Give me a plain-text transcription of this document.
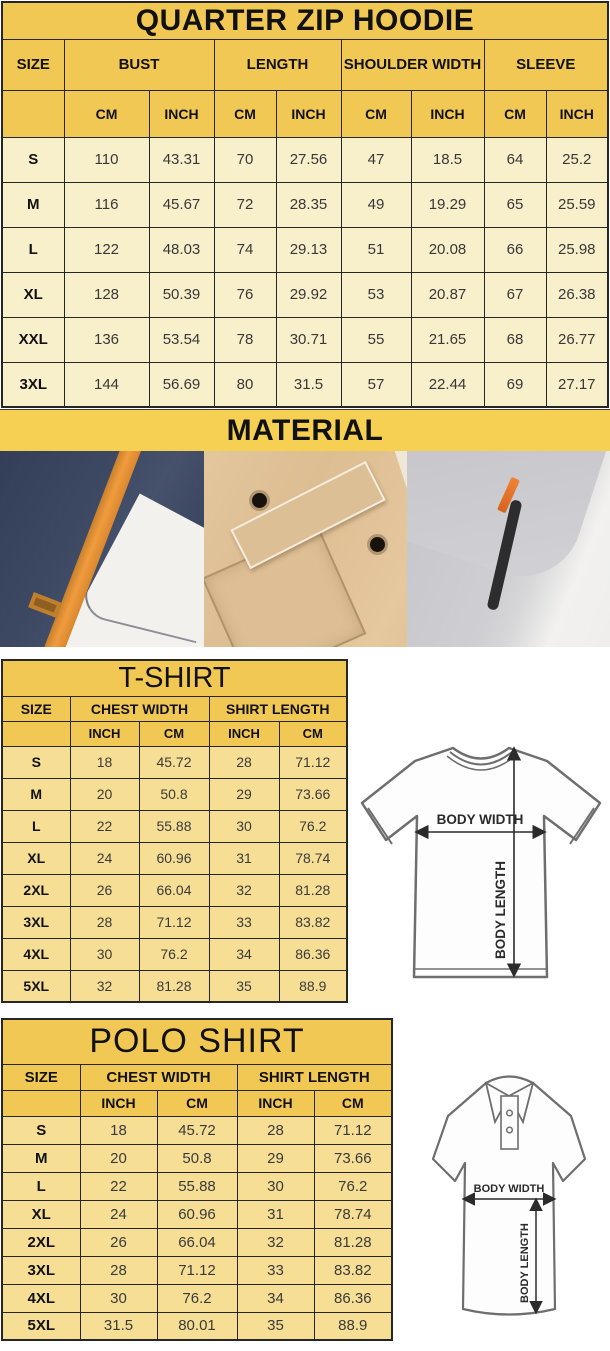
QUARTER ZIP HOODIE								
SIZE	BUST		LENGTH		SHOULDER WIDTH		SLEEVE	
	CM	INCH	CM	INCH	CM	INCH	CM	INCH
S	110	43.31	70	27.56	47	18.5	64	25.2
M	116	45.67	72	28.35	49	19.29	65	25.59
L	122	48.03	74	29.13	51	20.08	66	25.98
XL	128	50.39	76	29.92	53	20.87	67	26.38
XXL	136	53.54	78	30.71	55	21.65	68	26.77
3XL	144	56.69	80	31.5	57	22.44	69	27.17
MATERIAL
T-SHIRT				
SIZE	CHEST WIDTH		SHIRT LENGTH	
	INCH	CM	INCH	CM
S	18	45.72	28	71.12
M	20	50.8	29	73.66
L	22	55.88	30	76.2
XL	24	60.96	31	78.74
2XL	26	66.04	32	81.28
3XL	28	71.12	33	83.82
4XL	30	76.2	34	86.36
5XL	32	81.28	35	88.9
BODY WIDTH
BODY LENGTH
POLO SHIRT				
SIZE	CHEST WIDTH		SHIRT LENGTH	
	INCH	CM	INCH	CM
S	18	45.72	28	71.12
M	20	50.8	29	73.66
L	22	55.88	30	76.2
XL	24	60.96	31	78.74
2XL	26	66.04	32	81.28
3XL	28	71.12	33	83.82
4XL	30	76.2	34	86.36
5XL	31.5	80.01	35	88.9
BODY WIDTH
BODY LENGTH
